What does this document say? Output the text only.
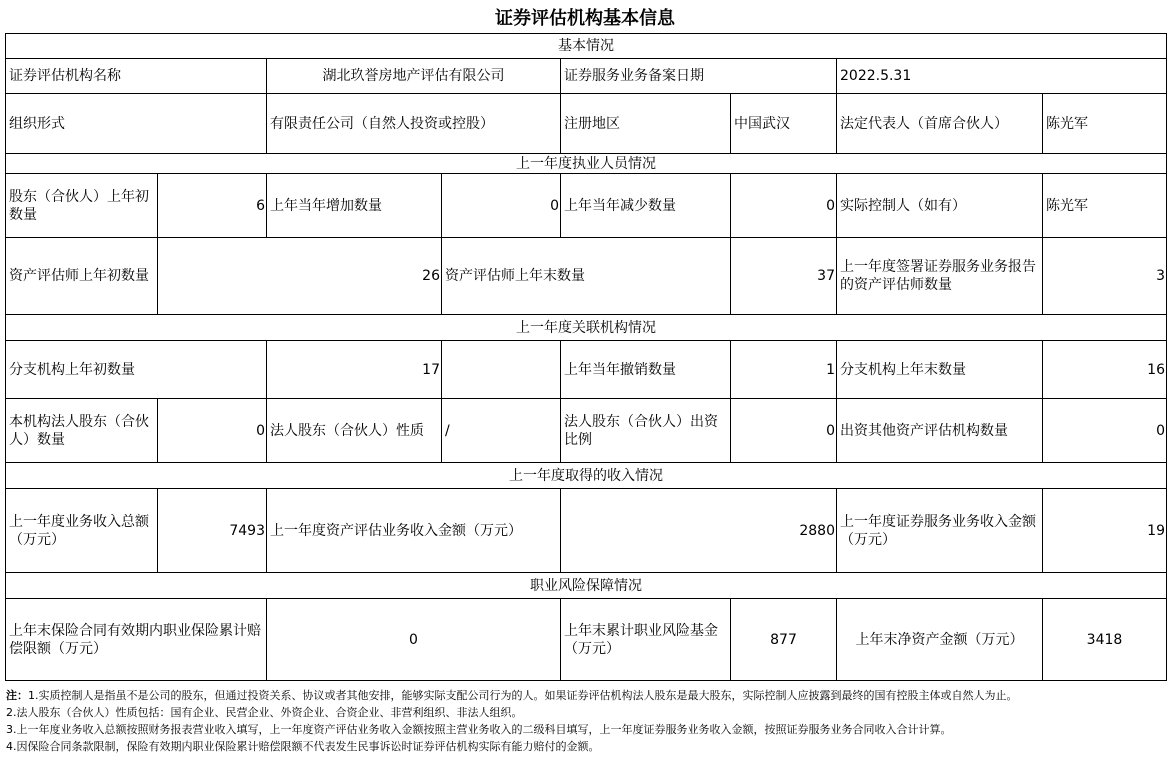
证券评估机构基本信息
基本情况							
证券评估机构名称		湖北玖誉房地产评估有限公司		证券服务业务备案日期		2022.5.31	
组织形式		有限责任公司（自然人投资或控股）		注册地区	中国武汉	法定代表人（首席合伙人）	陈光军
上一年度执业人员情况							
股东（合伙人）上年初数量	6	上年当年增加数量	0	上年当年减少数量	0	实际控制人（如有）	陈光军
资产评估师上年初数量	26		资产评估师上年末数量		37	上一年度签署证券服务业务报告的资产评估师数量	3
上一年度关联机构情况							
分支机构上年初数量		17		上年当年撤销数量	1	分支机构上年末数量	16
本机构法人股东（合伙人）数量	0	法人股东（合伙人）性质	/	法人股东（合伙人）出资比例	0	出资其他资产评估机构数量	0
上一年度取得的收入情况							
上一年度业务收入总额（万元）	7493	上一年度资产评估业务收入金额（万元）		2880		上一年度证券服务业务收入金额（万元）	19
职业风险保障情况							
上年末保险合同有效期内职业保险累计赔偿限额（万元）		0		上年末累计职业风险基金（万元）	877	上年末净资产金额（万元）	3418
注：1.实质控制人是指虽不是公司的股东，但通过投资关系、协议或者其他安排，能够实际支配公司行为的人。如果证券评估机构法人股东是最大股东，实际控制人应披露到最终的国有控股主体或自然人为止。
2.法人股东（合伙人）性质包括：国有企业、民营企业、外资企业、合资企业、非营利组织、非法人组织。
3.上一年度业务收入总额按照财务报表营业收入填写，上一年度资产评估业务收入金额按照主营业务收入的二级科目填写，上一年度证券服务业务收入金额，按照证券服务业务合同收入合计计算。
4.因保险合同条款限制，保险有效期内职业保险累计赔偿限额不代表发生民事诉讼时证券评估机构实际有能力赔付的金额。
